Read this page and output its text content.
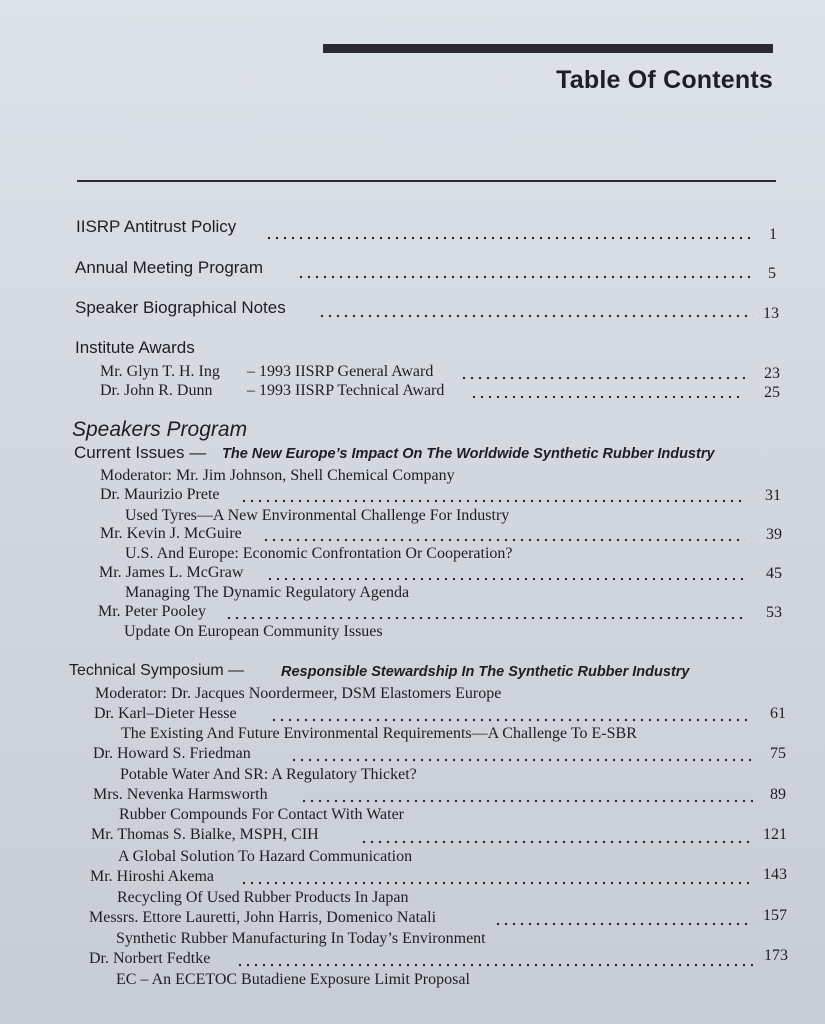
Table Of Contents
IISRP Antitrust Policy	1
Annual Meeting Program	5
Speaker Biographical Notes	13
Institute Awards
Mr. Glyn T. H. Ing – 1993 IISRP General Award	23
Dr. John R. Dunn – 1993 IISRP Technical Award	25
Speakers Program
Current Issues — The New Europe’s Impact On The Worldwide Synthetic Rubber Industry
Moderator: Mr. Jim Johnson, Shell Chemical Company
Dr. Maurizio Prete	31
Used Tyres—A New Environmental Challenge For Industry
Mr. Kevin J. McGuire	39
U.S. And Europe: Economic Confrontation Or Cooperation?
Mr. James L. McGraw	45
Managing The Dynamic Regulatory Agenda
Mr. Peter Pooley	53
Update On European Community Issues
Technical Symposium —	Responsible Stewardship In The Synthetic Rubber Industry
Moderator: Dr. Jacques Noordermeer, DSM Elastomers Europe
Dr. Karl–Dieter Hesse	61
The Existing And Future Environmental Requirements—A Challenge To E-SBR
Dr. Howard S. Friedman	75
Potable Water And SR: A Regulatory Thicket?
Mrs. Nevenka Harmsworth	89
Rubber Compounds For Contact With Water
Mr. Thomas S. Bialke, MSPH, CIH	121
A Global Solution To Hazard Communication
Mr. Hiroshi Akema	143
Recycling Of Used Rubber Products In Japan
Messrs. Ettore Lauretti, John Harris, Domenico Natali	157
Synthetic Rubber Manufacturing In Today’s Environment
Dr. Norbert Fedtke	173
EC – An ECETOC Butadiene Exposure Limit Proposal
